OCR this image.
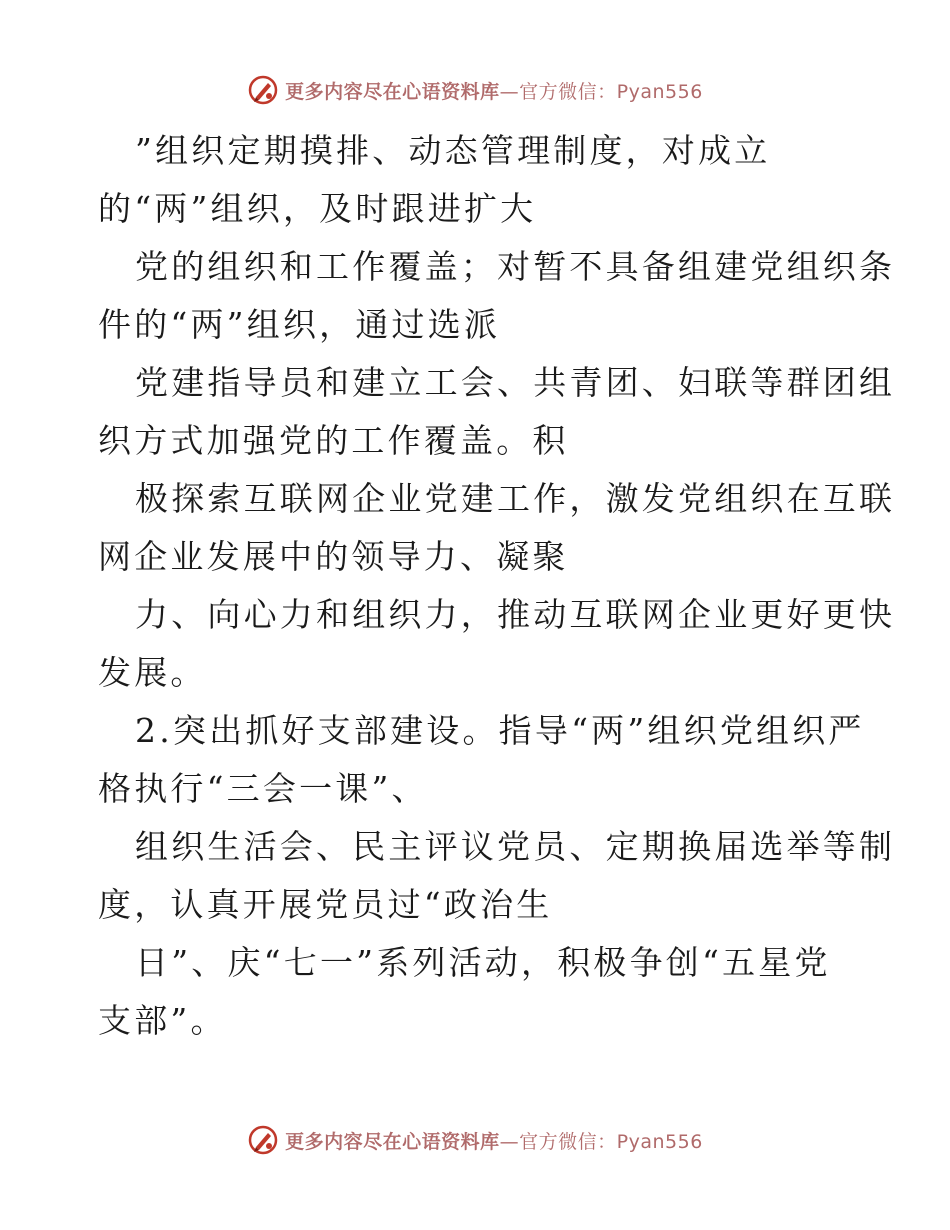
更多内容尽在心语资料库 —官方微信：Pyan556
”组织定期摸排、动态管理制度，对成立
的“两”组织，及时跟进扩大
党的组织和工作覆盖；对暂不具备组建党组织条
件的“两”组织，通过选派
党建指导员和建立工会、共青团、妇联等群团组
织方式加强党的工作覆盖。积
极探索互联网企业党建工作，激发党组织在互联
网企业发展中的领导力、凝聚
力、向心力和组织力，推动互联网企业更好更快
发展。
2.突出抓好支部建设。指导“两”组织党组织严
格执行“三会一课”、
组织生活会、民主评议党员、定期换届选举等制
度，认真开展党员过“政治生
日”、庆“七一”系列活动，积极争创“五星党
支部”。
更多内容尽在心语资料库 —官方微信：Pyan556
